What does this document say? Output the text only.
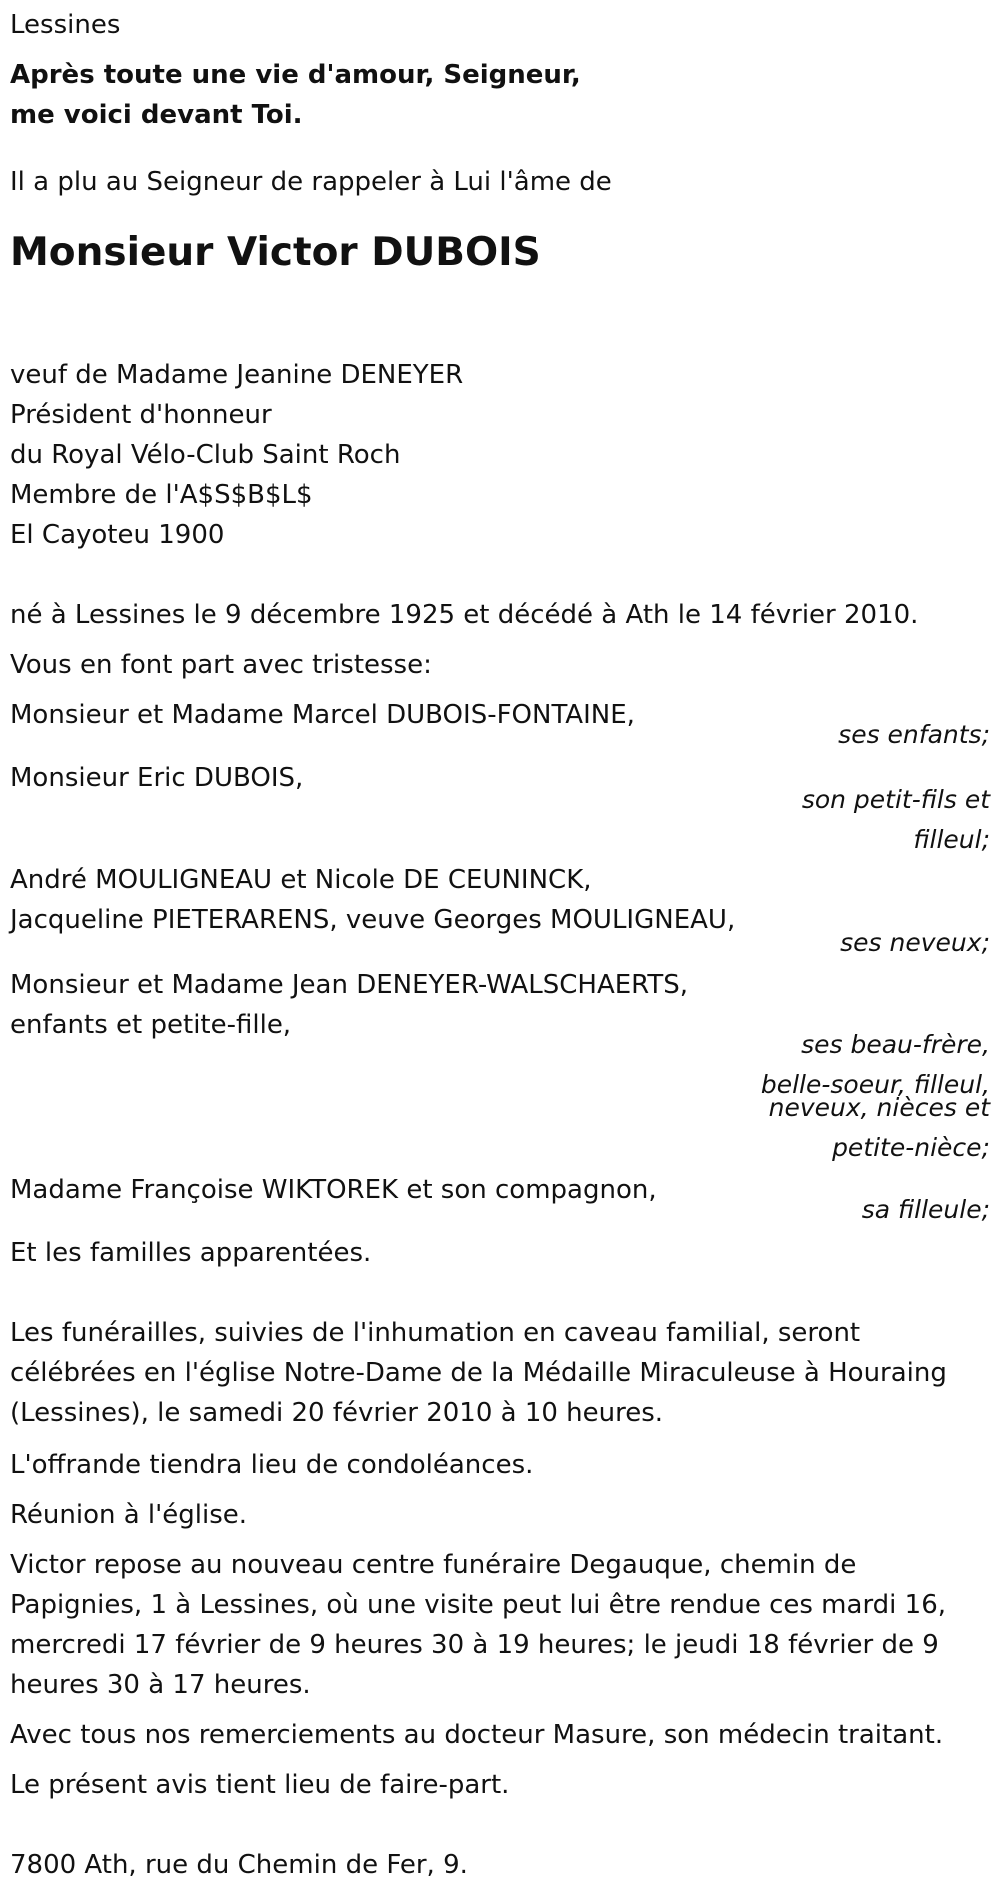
Lessines
Après toute une vie d'amour, Seigneur,
me voici devant Toi.
Il a plu au Seigneur de rappeler à Lui l'âme de
Monsieur Victor DUBOIS
veuf de Madame Jeanine DENEYER
Président d'honneur
du Royal Vélo-Club Saint Roch
Membre de l'A$S$B$L$
El Cayoteu 1900
né à Lessines le 9 décembre 1925 et décédé à Ath le 14 février 2010.
Vous en font part avec tristesse:
Monsieur et Madame Marcel DUBOIS-FONTAINE,
ses enfants;
Monsieur Eric DUBOIS,
son petit-fils et
filleul;
André MOULIGNEAU et Nicole DE CEUNINCK,
Jacqueline PIETERARENS, veuve Georges MOULIGNEAU,
ses neveux;
Monsieur et Madame Jean DENEYER-WALSCHAERTS,
enfants et petite-fille,
ses beau-frère,
belle-soeur, filleul,
neveux, nièces et
petite-nièce;
Madame Françoise WIKTOREK et son compagnon,
sa filleule;
Et les familles apparentées.

Les funérailles, suivies de l'inhumation en caveau familial, seront célébrées en l'église Notre-Dame de la Médaille Miraculeuse à Houraing (Lessines), le samedi 20 février 2010 à 10 heures.

L'offrande tiendra lieu de condoléances.
Réunion à l'église.

Victor repose au nouveau centre funéraire Degauque, chemin de Papignies, 1 à Lessines, où une visite peut lui être rendue ces mardi 16, mercredi 17 février de 9 heures 30 à 19 heures; le jeudi 18 février de 9 heures 30 à 17 heures.

Avec tous nos remerciements au docteur Masure, son médecin traitant.
Le présent avis tient lieu de faire-part.
7800 Ath, rue du Chemin de Fer, 9.
